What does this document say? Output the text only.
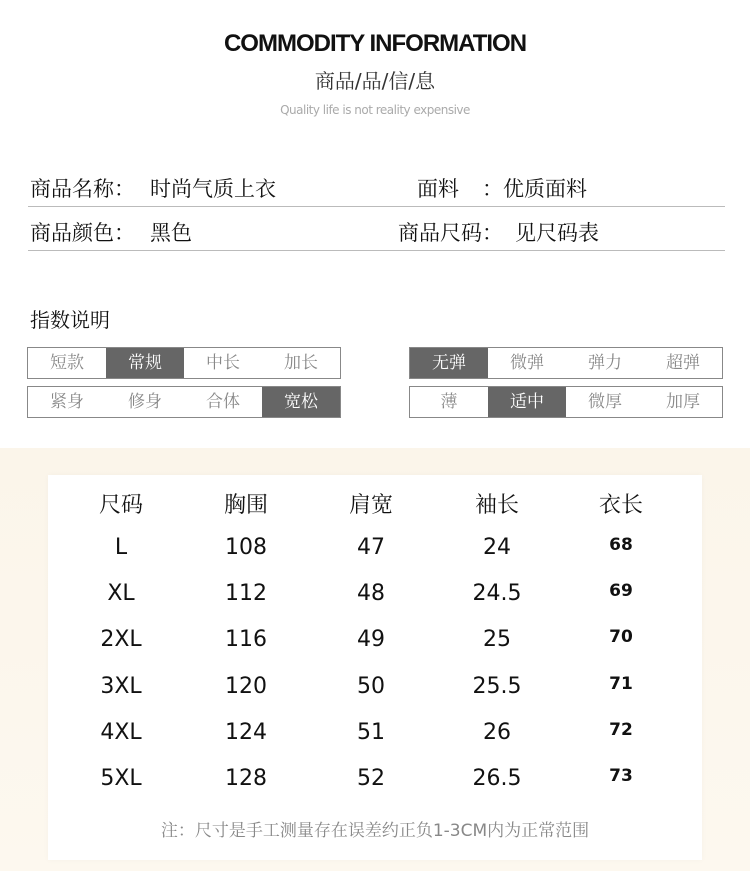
COMMODITY INFORMATION
商品/品/信/息
Quality life is not reality expensive
商品名称： 时尚气质上衣	面料 ：优质面料
商品颜色： 黑色	商品尺码： 见尺码表
指数说明
短款	常规	中长	加长
紧身	修身	合体	宽松
无弹	微弹	弹力	超弹
薄	适中	微厚	加厚
尺码	胸围	肩宽	袖长	衣长
L	108	47	24	68
XL	112	48	24.5	69
2XL	116	49	25	70
3XL	120	50	25.5	71
4XL	124	51	26	72
5XL	128	52	26.5	73
注：尺寸是手工测量存在误差约正负1-3CM内为正常范围
